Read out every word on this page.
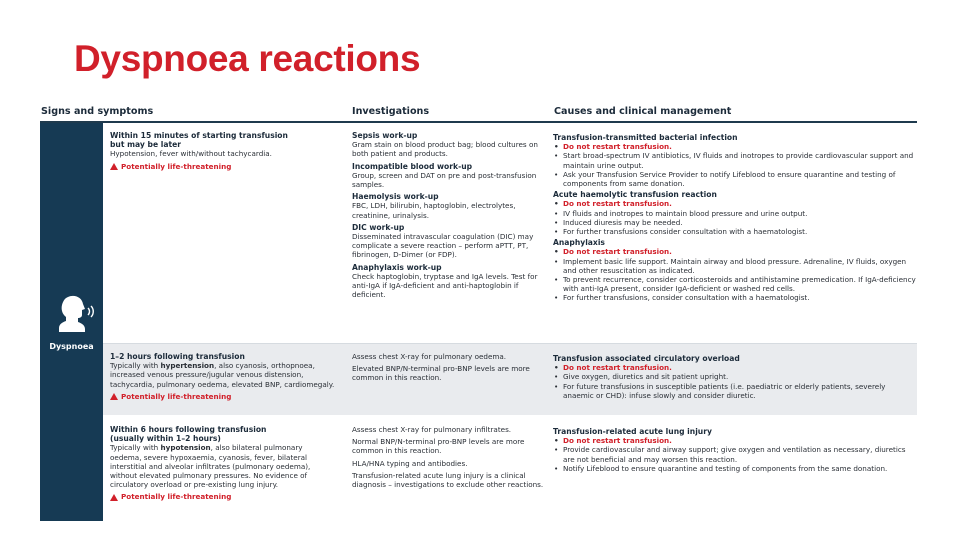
Dyspnoea reactions
Signs and symptoms	Investigations	Causes and clinical management
Dyspnoea
Within 15 minutes of starting transfusion but may be later
Hypotension, fever with/without tachycardia.
Potentially life-threatening
Sepsis work-up
Gram stain on blood product bag; blood cultures on both patient and products.
Incompatible blood work-up
Group, screen and DAT on pre and post-transfusion samples.
Haemolysis work-up
FBC, LDH, bilirubin, haptoglobin, electrolytes, creatinine, urinalysis.
DIC work-up
Disseminated intravascular coagulation (DIC) may complicate a severe reaction – perform aPTT, PT, fibrinogen, D-Dimer (or FDP).
Anaphylaxis work-up
Check haptoglobin, tryptase and IgA levels. Test for anti-IgA if IgA-deficient and anti-haptoglobin if deficient.
Transfusion-transmitted bacterial infection
• Do not restart transfusion.
• Start broad-spectrum IV antibiotics, IV fluids and inotropes to provide cardiovascular support and maintain urine output.
• Ask your Transfusion Service Provider to notify Lifeblood to ensure quarantine and testing of components from same donation.
Acute haemolytic transfusion reaction
• Do not restart transfusion.
• IV fluids and inotropes to maintain blood pressure and urine output.
• Induced diuresis may be needed.
• For further transfusions consider consultation with a haematologist.
Anaphylaxis
• Do not restart transfusion.
• Implement basic life support. Maintain airway and blood pressure. Adrenaline, IV fluids, oxygen and other resuscitation as indicated.
• To prevent recurrence, consider corticosteroids and antihistamine premedication. If IgA-deficiency with anti-IgA present, consider IgA-deficient or washed red cells.
• For further transfusions, consider consultation with a haematologist.
1–2 hours following transfusion
Typically with hypertension, also cyanosis, orthopnoea, increased venous pressure/jugular venous distension, tachycardia, pulmonary oedema, elevated BNP, cardiomegaly.
Potentially life-threatening
Assess chest X-ray for pulmonary oedema.
Elevated BNP/N-terminal pro-BNP levels are more common in this reaction.
Transfusion associated circulatory overload
• Do not restart transfusion.
• Give oxygen, diuretics and sit patient upright.
• For future transfusions in susceptible patients (i.e. paediatric or elderly patients, severely anaemic or CHD): infuse slowly and consider diuretic.
Within 6 hours following transfusion (usually within 1–2 hours)
Typically with hypotension, also bilateral pulmonary oedema, severe hypoxaemia, cyanosis, fever, bilateral interstitial and alveolar infiltrates (pulmonary oedema), without elevated pulmonary pressures. No evidence of circulatory overload or pre-existing lung injury.
Potentially life-threatening
Assess chest X-ray for pulmonary infiltrates.
Normal BNP/N-terminal pro-BNP levels are more common in this reaction.
HLA/HNA typing and antibodies.
Transfusion-related acute lung injury is a clinical diagnosis – investigations to exclude other reactions.
Transfusion-related acute lung injury
• Do not restart transfusion.
• Provide cardiovascular and airway support; give oxygen and ventilation as necessary, diuretics are not beneficial and may worsen this reaction.
• Notify Lifeblood to ensure quarantine and testing of components from the same donation.
